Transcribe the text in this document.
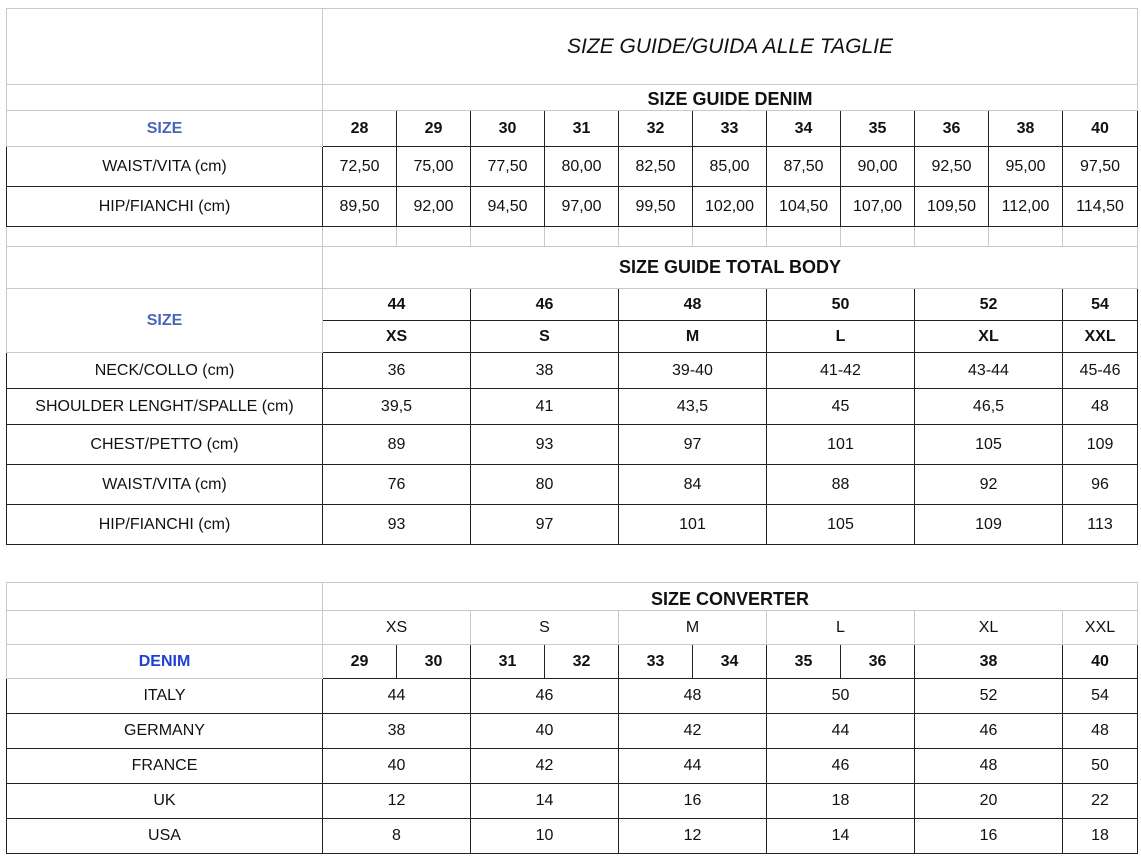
	SIZE GUIDE/GUIDA ALLE TAGLIE										
	SIZE GUIDE DENIM										
SIZE	28	29	30	31	32	33	34	35	36	38	40
WAIST/VITA (cm)	72,50	75,00	77,50	80,00	82,50	85,00	87,50	90,00	92,50	95,00	97,50
HIP/FIANCHI (cm)	89,50	92,00	94,50	97,00	99,50	102,00	104,50	107,00	109,50	112,00	114,50

	SIZE GUIDE TOTAL BODY										
SIZE	44		46		48		50		52		54
	XS		S		M		L		XL		XXL
NECK/COLLO (cm)	36		38		39-40		41-42		43-44		45-46
SHOULDER LENGHT/SPALLE (cm)	39,5		41		43,5		45		46,5		48
CHEST/PETTO (cm)	89		93		97		101		105		109
WAIST/VITA (cm)	76		80		84		88		92		96
HIP/FIANCHI (cm)	93		97		101		105		109		113

	SIZE CONVERTER										
	XS		S		M		L		XL		XXL
DENIM	29	30	31	32	33	34	35	36	38		40
ITALY	44		46		48		50		52		54
GERMANY	38		40		42		44		46		48
FRANCE	40		42		44		46		48		50
UK	12		14		16		18		20		22
USA	8		10		12		14		16		18
